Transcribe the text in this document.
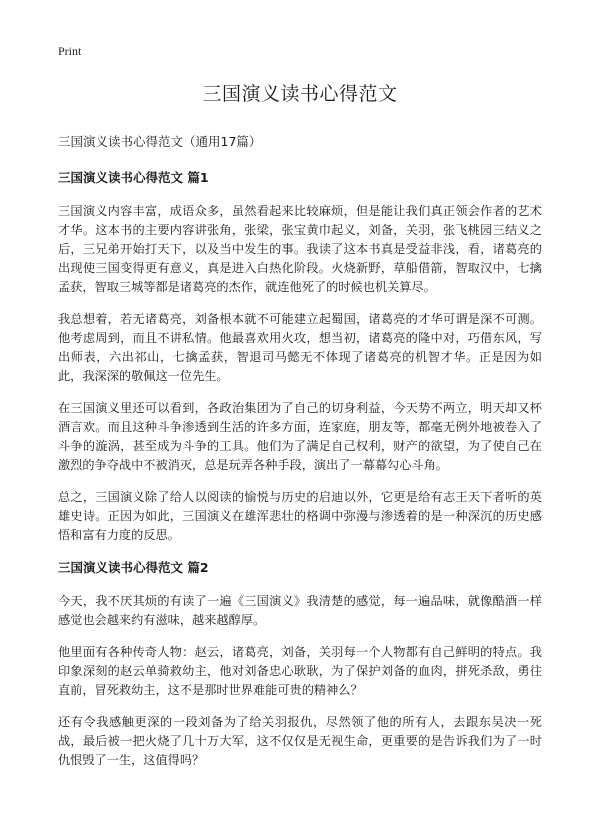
Print
三国演义读书心得范文
三国演义读书心得范文（通用17篇）
三国演义读书心得范文 篇1

三国演义内容丰富，成语众多，虽然看起来比较麻烦，但是能让我们真正领会作者的艺术才华。这本书的主要内容讲张角，张梁，张宝黄巾起义，刘备，关羽，张飞桃园三结义之后，三兄弟开始打天下，以及当中发生的事。我读了这本书真是受益非浅，看，诸葛亮的出现使三国变得更有意义，真是进入白热化阶段。火烧新野，草船借箭，智取汉中，七擒孟获，智取三城等都是诸葛亮的杰作，就连他死了的时候也机关算尽。

我总想着，若无诸葛亮，刘备根本就不可能建立起蜀国，诸葛亮的才华可谓是深不可测。他考虑周到，而且不讲私情。他最喜欢用火攻，想当初，诸葛亮的隆中对，巧借东风，写出师表，六出祁山，七擒孟获，智退司马懿无不体现了诸葛亮的机智才华。正是因为如此，我深深的敬佩这一位先生。

在三国演义里还可以看到，各政治集团为了自己的切身利益，今天势不两立，明天却又杯酒言欢。而且这种斗争渗透到生活的许多方面，连家庭，朋友等，都毫无例外地被卷入了斗争的漩涡，甚至成为斗争的工具。他们为了满足自己权利，财产的欲望，为了使自己在激烈的争夺战中不被消灭，总是玩弄各种手段，演出了一幕幕勾心斗角。

总之，三国演义除了给人以阅读的愉悦与历史的启迪以外，它更是给有志王天下者听的英雄史诗。正因为如此，三国演义在雄浑悲壮的格调中弥漫与渗透着的是一种深沉的历史感悟和富有力度的反思。

三国演义读书心得范文 篇2

今天，我不厌其烦的有读了一遍《三国演义》我清楚的感觉，每一遍品味，就像酷酒一样感觉也会越来约有滋味，越来越醇厚。

他里面有各种传奇人物：赵云，诸葛亮，刘备，关羽每一个人物都有自己鲜明的特点。我印象深刻的赵云单骑救幼主，他对刘备忠心耿耿，为了保护刘备的血肉，拼死杀敌，勇往直前，冒死救幼主，这不是那时世界难能可贵的精神么？

还有令我感触更深的一段刘备为了给关羽报仇，尽然领了他的所有人，去跟东吴决一死战，最后被一把火烧了几十万大军，这不仅仅是无视生命，更重要的是告诉我们为了一时仇恨毁了一生，这值得吗？
